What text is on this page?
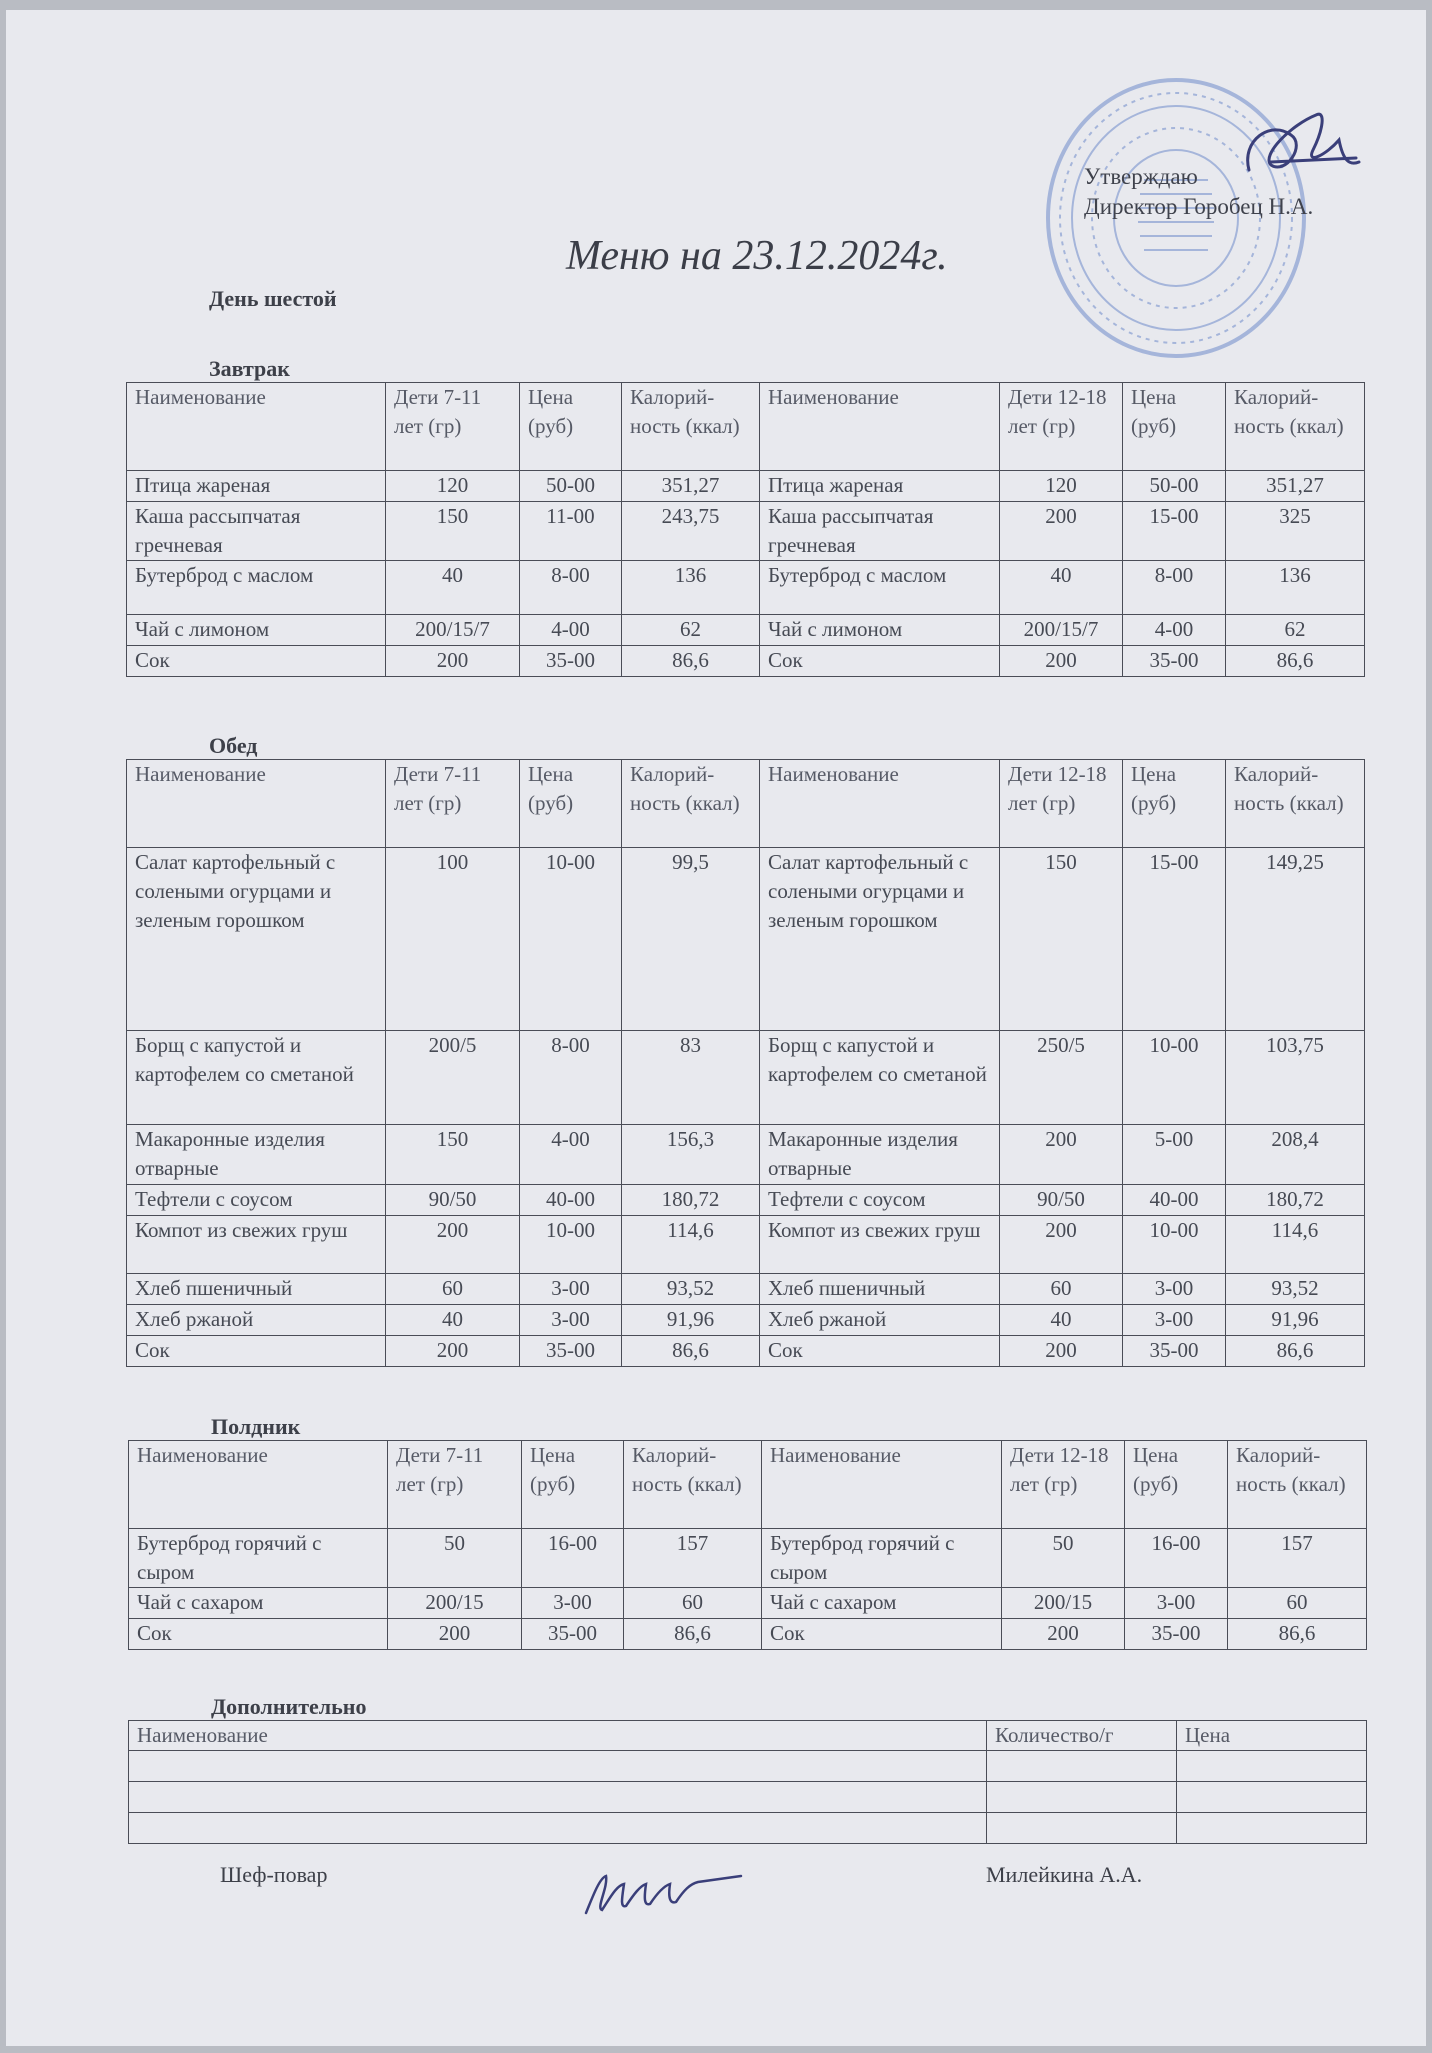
Утверждаю
Директор Горобец Н.А.
Меню на 23.12.2024г.
День шестой
Завтрак
Наименование	Дети 7-11 лет (гр)	Цена (руб)	Калорий-ность (ккал)	Наименование	Дети 12-18 лет (гр)	Цена (руб)	Калорий-ность (ккал)
Птица жареная	120	50-00	351,27	Птица жареная	120	50-00	351,27
Каша рассыпчатая гречневая	150	11-00	243,75	Каша рассыпчатая гречневая	200	15-00	325
Бутерброд с маслом	40	8-00	136	Бутерброд с маслом	40	8-00	136
Чай с лимоном	200/15/7	4-00	62	Чай с лимоном	200/15/7	4-00	62
Сок	200	35-00	86,6	Сок	200	35-00	86,6
Обед
Наименование	Дети 7-11 лет (гр)	Цена (руб)	Калорий-ность (ккал)	Наименование	Дети 12-18 лет (гр)	Цена (руб)	Калорий-ность (ккал)
Салат картофельный с солеными огурцами и зеленым горошком	100	10-00	99,5	Салат картофельный с солеными огурцами и зеленым горошком	150	15-00	149,25
Борщ с капустой и картофелем со сметаной	200/5	8-00	83	Борщ с капустой и картофелем со сметаной	250/5	10-00	103,75
Макаронные изделия отварные	150	4-00	156,3	Макаронные изделия отварные	200	5-00	208,4
Тефтели с соусом	90/50	40-00	180,72	Тефтели с соусом	90/50	40-00	180,72
Компот из свежих груш	200	10-00	114,6	Компот из свежих груш	200	10-00	114,6
Хлеб пшеничный	60	3-00	93,52	Хлеб пшеничный	60	3-00	93,52
Хлеб ржаной	40	3-00	91,96	Хлеб ржаной	40	3-00	91,96
Сок	200	35-00	86,6	Сок	200	35-00	86,6
Полдник
Наименование	Дети 7-11 лет (гр)	Цена (руб)	Калорий-ность (ккал)	Наименование	Дети 12-18 лет (гр)	Цена (руб)	Калорий-ность (ккал)
Бутерброд горячий с сыром	50	16-00	157	Бутерброд горячий с сыром	50	16-00	157
Чай с сахаром	200/15	3-00	60	Чай с сахаром	200/15	3-00	60
Сок	200	35-00	86,6	Сок	200	35-00	86,6
Дополнительно
Наименование	Количество/г	Цена

Шеф-повар	Милейкина А.А.
